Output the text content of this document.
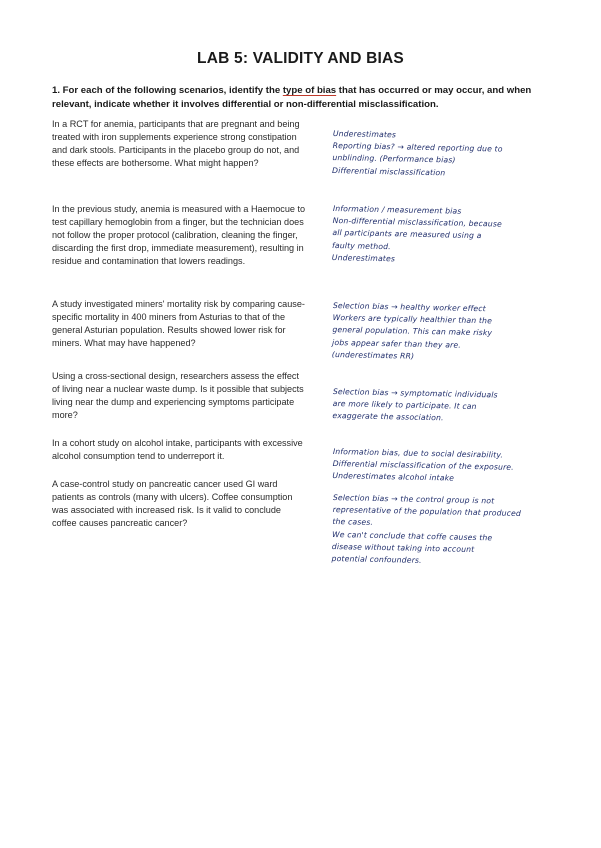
LAB 5: VALIDITY AND BIAS
1. For each of the following scenarios, identify the type of bias that has occurred or may occur, and when relevant, indicate whether it involves differential or non-differential misclassification.
In a RCT for anemia, participants that are pregnant and being treated with iron supplements experience strong constipation and dark stools. Participants in the placebo group do not, and these effects are bothersome. What might happen?
In the previous study, anemia is measured with a Haemocue to test capillary hemoglobin from a finger, but the technician does not follow the proper protocol (calibration, cleaning the finger, discarding the first drop, immediate measurement), resulting in residue and contamination that lowers readings.
A study investigated miners' mortality risk by comparing cause-specific mortality in 400 miners from Asturias to that of the general Asturian population. Results showed lower risk for miners. What may have happened?
Using a cross-sectional design, researchers assess the effect of living near a nuclear waste dump. Is it possible that subjects living near the dump and experiencing symptoms participate more?
In a cohort study on alcohol intake, participants with excessive alcohol consumption tend to underreport it.
A case-control study on pancreatic cancer used GI ward patients as controls (many with ulcers). Coffee consumption was associated with increased risk. Is it valid to conclude coffee causes pancreatic cancer?
Underestimates
Reporting bias? → altered reporting due to
unblinding. (Performance bias)
Differential misclassification
Information / measurement bias
Non-differential misclassification, because
all participants are measured using a
faulty method.
Underestimates
Selection bias → healthy worker effect
Workers are typically healthier than the
general population. This can make risky
jobs appear safer than they are.
(underestimates RR)
Selection bias → symptomatic individuals
are more likely to participate. It can
exaggerate the association.
Information bias, due to social desirability.
Differential misclassification of the exposure.
Underestimates alcohol intake
Selection bias → the control group is not
representative of the population that produced
the cases.
We can't conclude that coffe causes the
disease without taking into account
potential confounders.
